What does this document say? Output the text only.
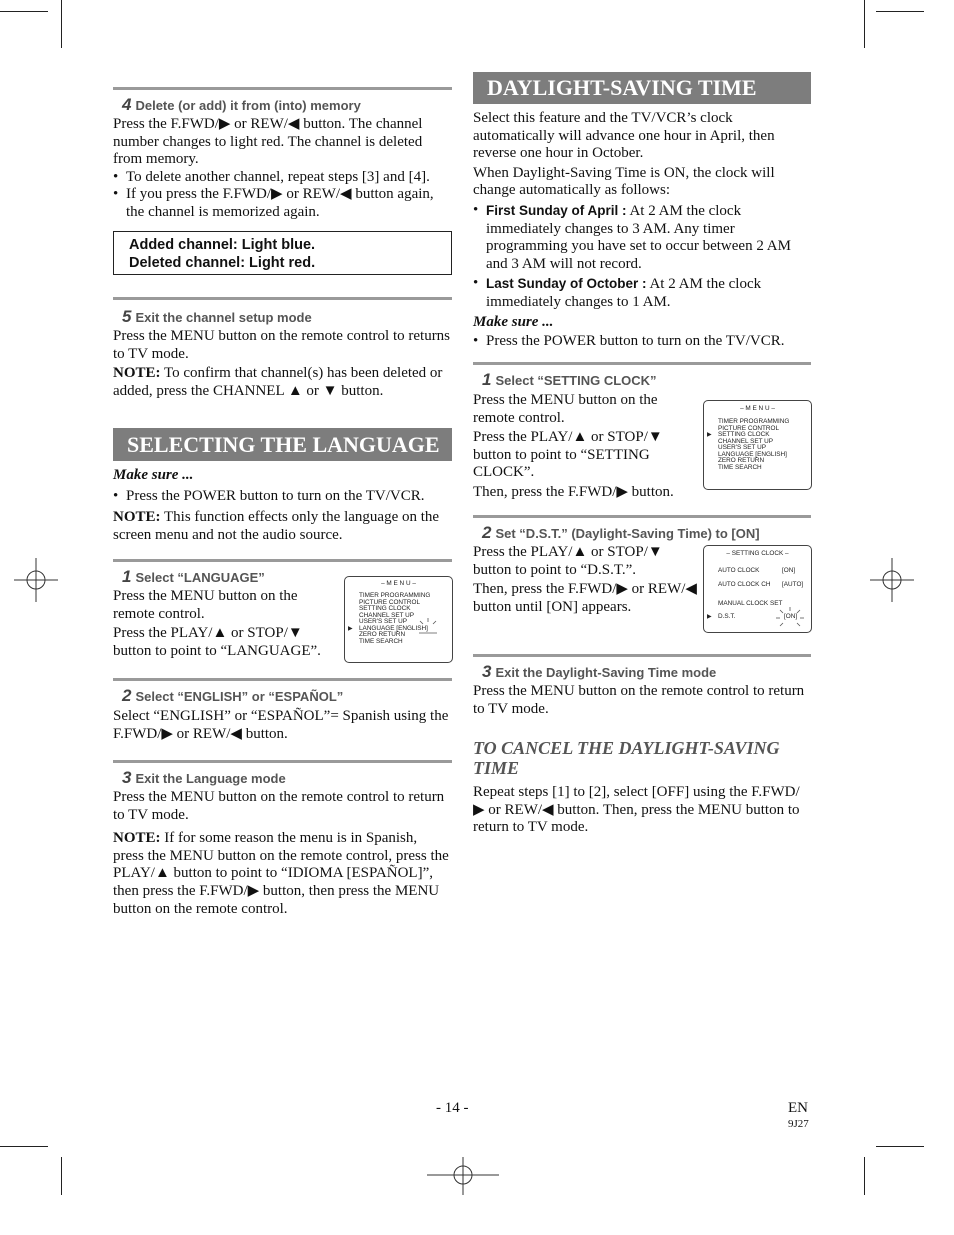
4 Delete (or add) it from (into) memory

Press the F.FWD/▶ or REW/◀ button. The channel number changes to light red. The channel is deleted from memory.

• To delete another channel, repeat steps [3] and [4].
• If you press the F.FWD/▶ or REW/◀ button again, the channel is memorized again.
Added channel: Light blue.
Deleted channel: Light red.
5 Exit the channel setup mode

Press the MENU button on the remote control to returns to TV mode.

NOTE: To confirm that channel(s) has been deleted or added, press the CHANNEL ▲ or ▼ button.

SELECTING THE LANGUAGE

Make sure ...

• Press the POWER button to turn on the TV/VCR.

NOTE: This function effects only the language on the screen menu and not the audio source.

1 Select “LANGUAGE”

Press the MENU button on the remote control.

Press the PLAY/▲ or STOP/▼ button to point to “LANGUAGE”.

– M E N U –
TIMER PROGRAMMING
PICTURE CONTROL
SETTING CLOCK
CHANNEL SET UP
USER'S SET UP
LANGUAGE [ENGLISH]
ZERO RETURN
TIME SEARCH
▶
2 Select “ENGLISH” or “ESPAÑOL”

Select “ENGLISH” or “ESPAÑOL”= Spanish using the F.FWD/▶ or REW/◀ button.

3 Exit the Language mode

Press the MENU button on the remote control to return to TV mode.

NOTE: If for some reason the menu is in Spanish, press the MENU button on the remote control, press the PLAY/▲ button to point to “IDIOMA [ESPAÑOL]”, then press the F.FWD/▶ button, then press the MENU button on the remote control.

DAYLIGHT-SAVING TIME

Select this feature and the TV/VCR’s clock automatically will advance one hour in April, then reverse one hour in October.

When Daylight-Saving Time is ON, the clock will change automatically as follows:

• First Sunday of April : At 2 AM the clock immediately changes to 3 AM. Any timer programming you have set to occur between 2 AM and 3 AM will not record.
• Last Sunday of October : At 2 AM the clock immediately changes to 1 AM.

Make sure ...

• Press the POWER button to turn on the TV/VCR.
1 Select “SETTING CLOCK”

Press the MENU button on the remote control.

Press the PLAY/▲ or STOP/▼ button to point to “SETTING CLOCK”.

Then, press the F.FWD/▶ button.

– M E N U –
TIMER PROGRAMMING
PICTURE CONTROL
SETTING CLOCK
CHANNEL SET UP
USER'S SET UP
LANGUAGE [ENGLISH]
ZERO RETURN
TIME SEARCH
▶
2 Set “D.S.T.” (Daylight-Saving Time) to [ON]

Press the PLAY/▲ or STOP/▼ button to point to “D.S.T.”.

Then, press the F.FWD/▶ or REW/◀ button until [ON] appears.

– SETTING CLOCK –
AUTO CLOCK	[ON]
AUTO CLOCK CH [AUTO]
MANUAL CLOCK SET
D.S.T.	[ON]
▶
3 Exit the Daylight-Saving Time mode

Press the MENU button on the remote control to return to TV mode.

TO CANCEL THE DAYLIGHT-SAVING TIME

Repeat steps [1] to [2], select [OFF] using the F.FWD/▶ or REW/◀ button. Then, press the MENU button to return to TV mode.

- 14 -	EN
9J27
